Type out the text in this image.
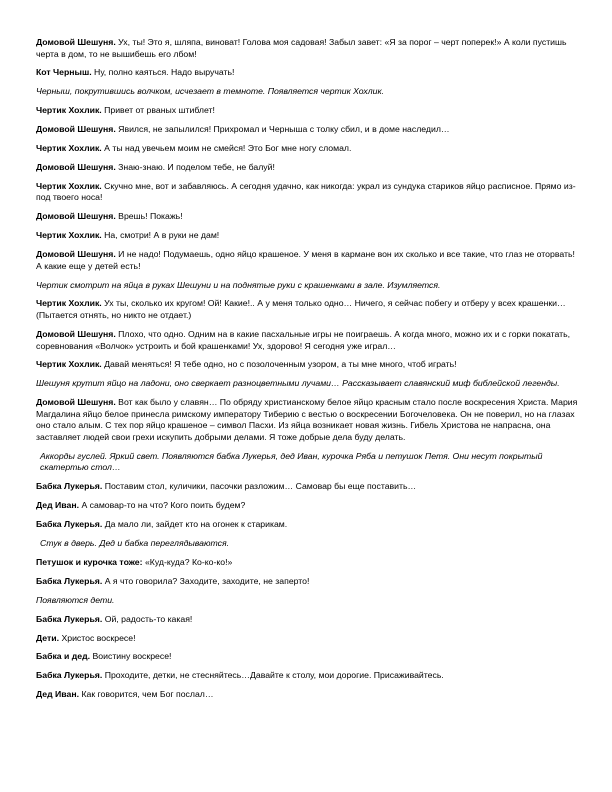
Домовой Шешуня. Ух, ты! Это я, шляпа, виноват! Голова моя садовая! Забыл завет: «Я за порог – черт поперек!» А коли пустишь черта в дом, то не вышибешь его лбом!

Кот Черныш. Ну, полно каяться. Надо выручать!

Черныш, покрутившись волчком, исчезает в темноте. Появляется чертик Хохлик.

Чертик Хохлик. Привет от рваных штиблет!

Домовой Шешуня. Явился, не запылился! Прихромал и Черныша с толку сбил, и в доме наследил…

Чертик Хохлик. А ты над увечьем моим не смейся! Это Бог мне ногу сломал.

Домовой Шешуня. Знаю-знаю. И поделом тебе, не балуй!

Чертик Хохлик. Скучно мне, вот и забавляюсь. А сегодня удачно, как никогда: украл из сундука стариков яйцо расписное. Прямо из-под твоего носа!

Домовой Шешуня. Врешь! Покажь!

Чертик Хохлик. На, смотри! А в руки не дам!

Домовой Шешуня. И не надо! Подумаешь, одно яйцо крашеное. У меня в кармане вон их сколько и все такие, что глаз не оторвать! А какие еще у детей есть!

Чертик смотрит на яйца в руках Шешуни и на поднятые руки с крашенками в зале. Изумляется.

Чертик Хохлик. Ух ты, сколько их кругом! Ой! Какие!.. А у меня только одно… Ничего, я сейчас побегу и отберу у всех крашенки… (Пытается отнять, но никто не отдает.)

Домовой Шешуня. Плохо, что одно. Одним на в какие пасхальные игры не поиграешь. А когда много, можно их и с горки покатать, соревнования «Волчок» устроить и бой крашенками! Ух, здорово! Я сегодня уже играл…

Чертик Хохлик. Давай меняться! Я тебе одно, но с позолоченным узором, а ты мне много, чтоб играть!

Шешуня крутит яйцо на ладони, оно сверкает разноцветными лучами… Рассказывает славянский миф библейской легенды.

Домовой Шешуня. Вот как было у славян… По обряду христианскому белое яйцо красным стало после воскресения Христа. Мария Магдалина яйцо белое принесла римскому императору Тиберию с вестью о воскресении Богочеловека. Он не поверил, но на глазах оно стало алым. С тех пор яйцо крашеное – символ Пасхи. Из яйца возникает новая жизнь. Гибель Христова не напрасна, она заставляет людей свои грехи искупить добрыми делами. Я тоже добрые дела буду делать.

Аккорды гуслей. Яркий свет. Появляются бабка Лукерья, дед Иван, курочка Ряба и петушок Петя. Они несут покрытый скатертью стол…

Бабка Лукерья. Поставим стол, куличики, пасочки разложим… Самовар бы еще поставить…

Дед Иван. А самовар-то на что? Кого поить будем?

Бабка Лукерья. Да мало ли, зайдет кто на огонек к старикам.

Стук в дверь. Дед и бабка переглядываются.

Петушок и курочка тоже: «Куд-куда? Ко-ко-ко!»

Бабка Лукерья. А я что говорила? Заходите, заходите, не заперто!

Появляются дети.

Бабка Лукерья. Ой, радость-то какая!

Дети. Христос воскресе!

Бабка и дед. Воистину воскресе!

Бабка Лукерья. Проходите, детки, не стесняйтесь…Давайте к столу, мои дорогие. Присаживайтесь.

Дед Иван. Как говорится, чем Бог послал…
